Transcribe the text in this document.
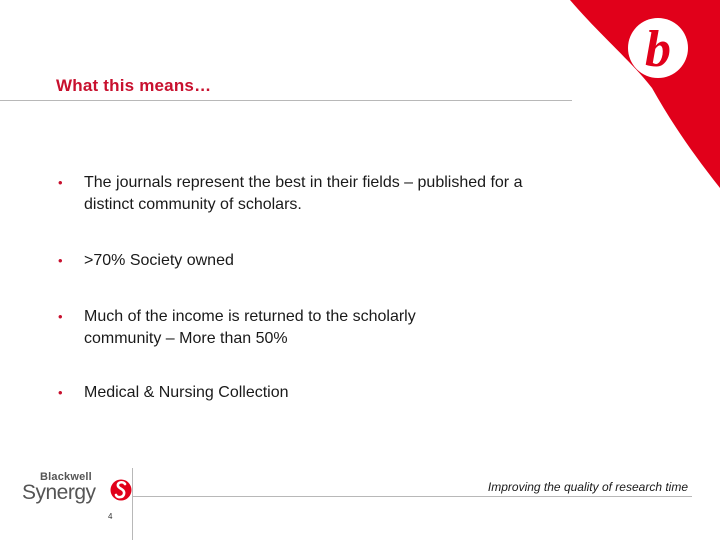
b
What this means…
•	The journals represent the best in their fields – published for a distinct community of scholars.
•	>70% Society owned
•	Much of the income is returned to the scholarly community – More than 50%
•	Medical & Nursing Collection
Blackwell
Synergy	Improving the quality of research time
4
